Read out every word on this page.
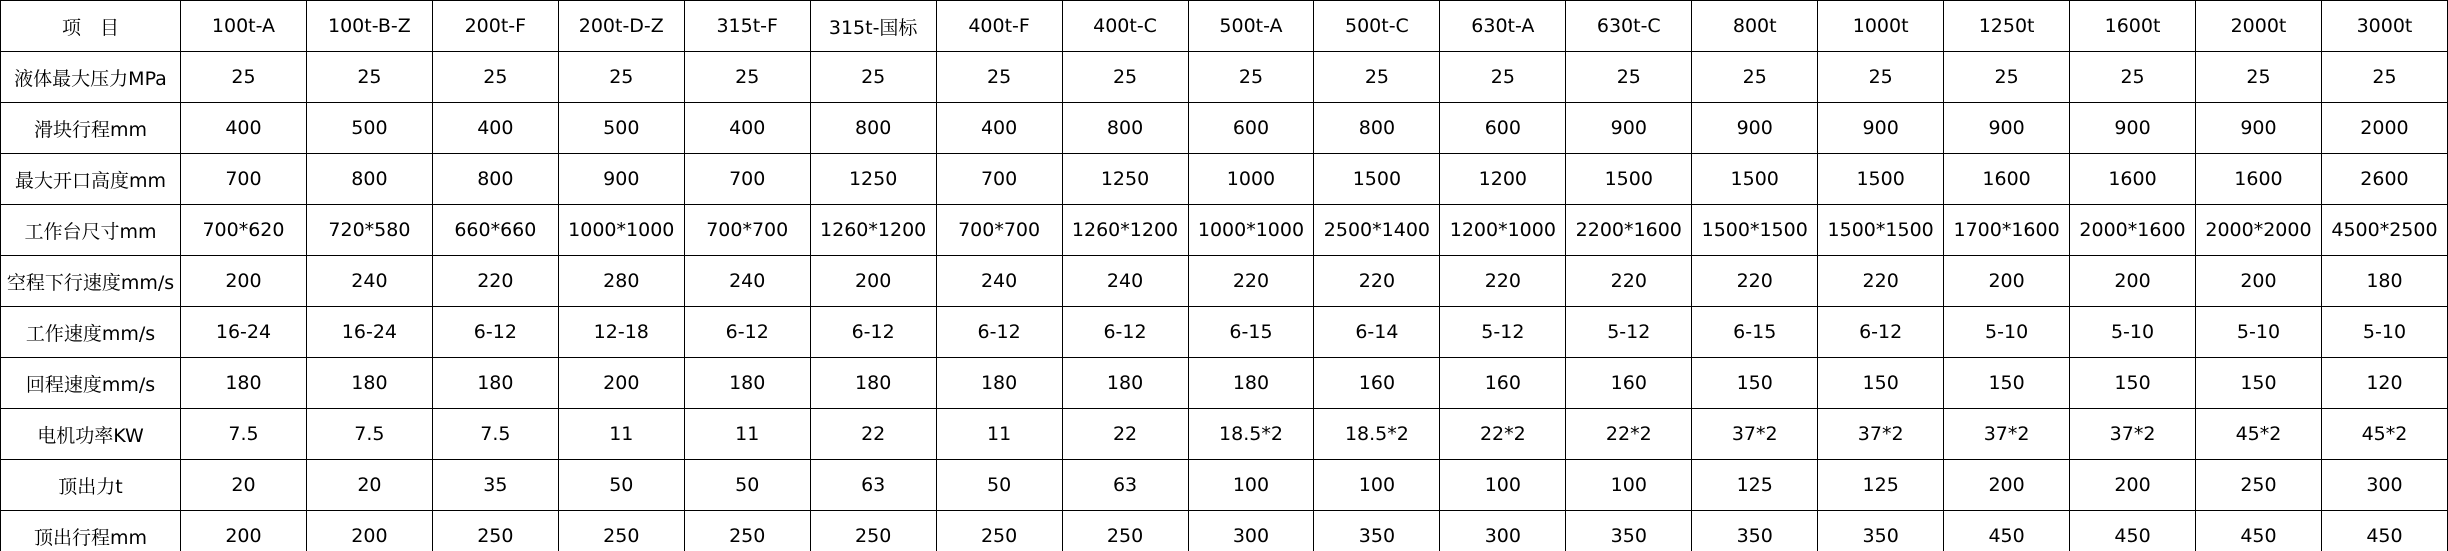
项　目	100t-A	100t-B-Z	200t-F	200t-D-Z	315t-F	315t-国标	400t-F	400t-C	500t-A	500t-C	630t-A	630t-C	800t	1000t	1250t	1600t	2000t	3000t
液体最大压力MPa	25	25	25	25	25	25	25	25	25	25	25	25	25	25	25	25	25	25
滑块行程mm	400	500	400	500	400	800	400	800	600	800	600	900	900	900	900	900	900	2000
最大开口高度mm	700	800	800	900	700	1250	700	1250	1000	1500	1200	1500	1500	1500	1600	1600	1600	2600
工作台尺寸mm	700*620	720*580	660*660	1000*1000	700*700	1260*1200	700*700	1260*1200	1000*1000	2500*1400	1200*1000	2200*1600	1500*1500	1500*1500	1700*1600	2000*1600	2000*2000	4500*2500
空程下行速度mm/s	200	240	220	280	240	200	240	240	220	220	220	220	220	220	200	200	200	180
工作速度mm/s	16-24	16-24	6-12	12-18	6-12	6-12	6-12	6-12	6-15	6-14	5-12	5-12	6-15	6-12	5-10	5-10	5-10	5-10
回程速度mm/s	180	180	180	200	180	180	180	180	180	160	160	160	150	150	150	150	150	120
电机功率KW	7.5	7.5	7.5	11	11	22	11	22	18.5*2	18.5*2	22*2	22*2	37*2	37*2	37*2	37*2	45*2	45*2
顶出力t	20	20	35	50	50	63	50	63	100	100	100	100	125	125	200	200	250	300
顶出行程mm	200	200	250	250	250	250	250	250	300	350	300	350	350	350	450	450	450	450
